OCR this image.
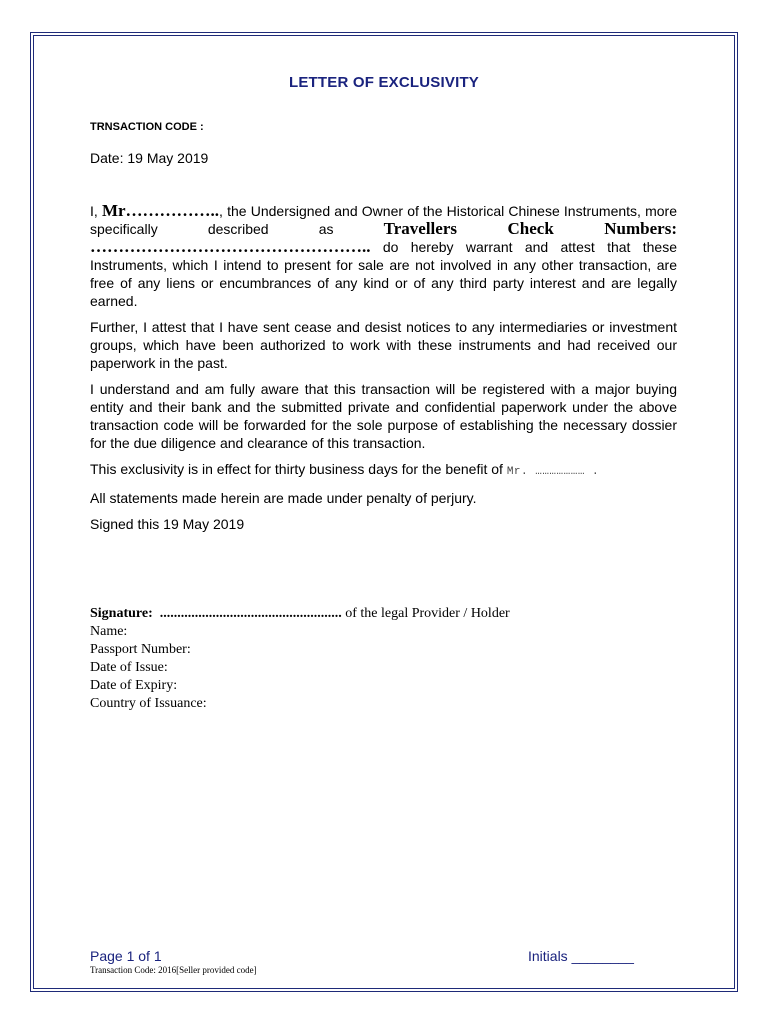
LETTER OF EXCLUSIVITY
TRNSACTION CODE :
Date: 19 May 2019

I, Mr…………….., the Undersigned and Owner of the Historical Chinese Instruments, more specifically described as Travellers Check Numbers: ………………………………………….. do hereby warrant and attest that these Instruments, which I intend to present for sale are not involved in any other transaction, are free of any liens or encumbrances of any kind or of any third party interest and are legally earned.

Further, I attest that I have sent cease and desist notices to any intermediaries or investment groups, which have been authorized to work with these instruments and had received our paperwork in the past.

I understand and am fully aware that this transaction will be registered with a major buying entity and their bank and the submitted private and confidential paperwork under the above transaction code will be forwarded for the sole purpose of establishing the necessary dossier for the due diligence and clearance of this transaction.

This exclusivity is in effect for thirty business days for the benefit of Mr. ………………… .

All statements made herein are made under penalty of perjury.

Signed this 19 May 2019

Signature: .................................................... of the legal Provider / Holder
Name:
Passport Number:
Date of Issue:
Date of Expiry:
Country of Issuance:
Page 1 of 1
Transaction Code: 2016[Seller provided code]
Initials ________
